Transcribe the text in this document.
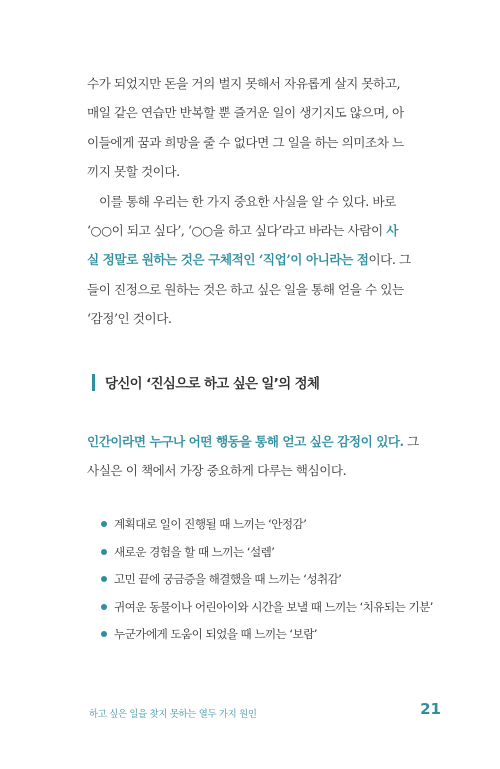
수가 되었지만 돈을 거의 벌지 못해서 자유롭게 살지 못하고,
매일 같은 연습만 반복할 뿐 즐거운 일이 생기지도 않으며, 아
이들에게 꿈과 희망을 줄 수 없다면 그 일을 하는 의미조차 느
끼지 못할 것이다.
이를 통해 우리는 한 가지 중요한 사실을 알 수 있다. 바로
‘○○이 되고 싶다’, ‘○○을 하고 싶다’라고 바라는 사람이 사
실 정말로 원하는 것은 구체적인 ‘직업’이 아니라는 점이다. 그
들이 진정으로 원하는 것은 하고 싶은 일을 통해 얻을 수 있는
‘감정’인 것이다.
당신이 ‘진심으로 하고 싶은 일’의 정체
인간이라면 누구나 어떤 행동을 통해 얻고 싶은 감정이 있다. 그
사실은 이 책에서 가장 중요하게 다루는 핵심이다.
계획대로 일이 진행될 때 느끼는 ‘안정감’
새로운 경험을 할 때 느끼는 ‘설렘’
고민 끝에 궁금증을 해결했을 때 느끼는 ‘성취감’
귀여운 동물이나 어린아이와 시간을 보낼 때 느끼는 ‘치유되는 기분’
누군가에게 도움이 되었을 때 느끼는 ‘보람’
하고 싶은 일을 찾지 못하는 열두 가지 원인	21
